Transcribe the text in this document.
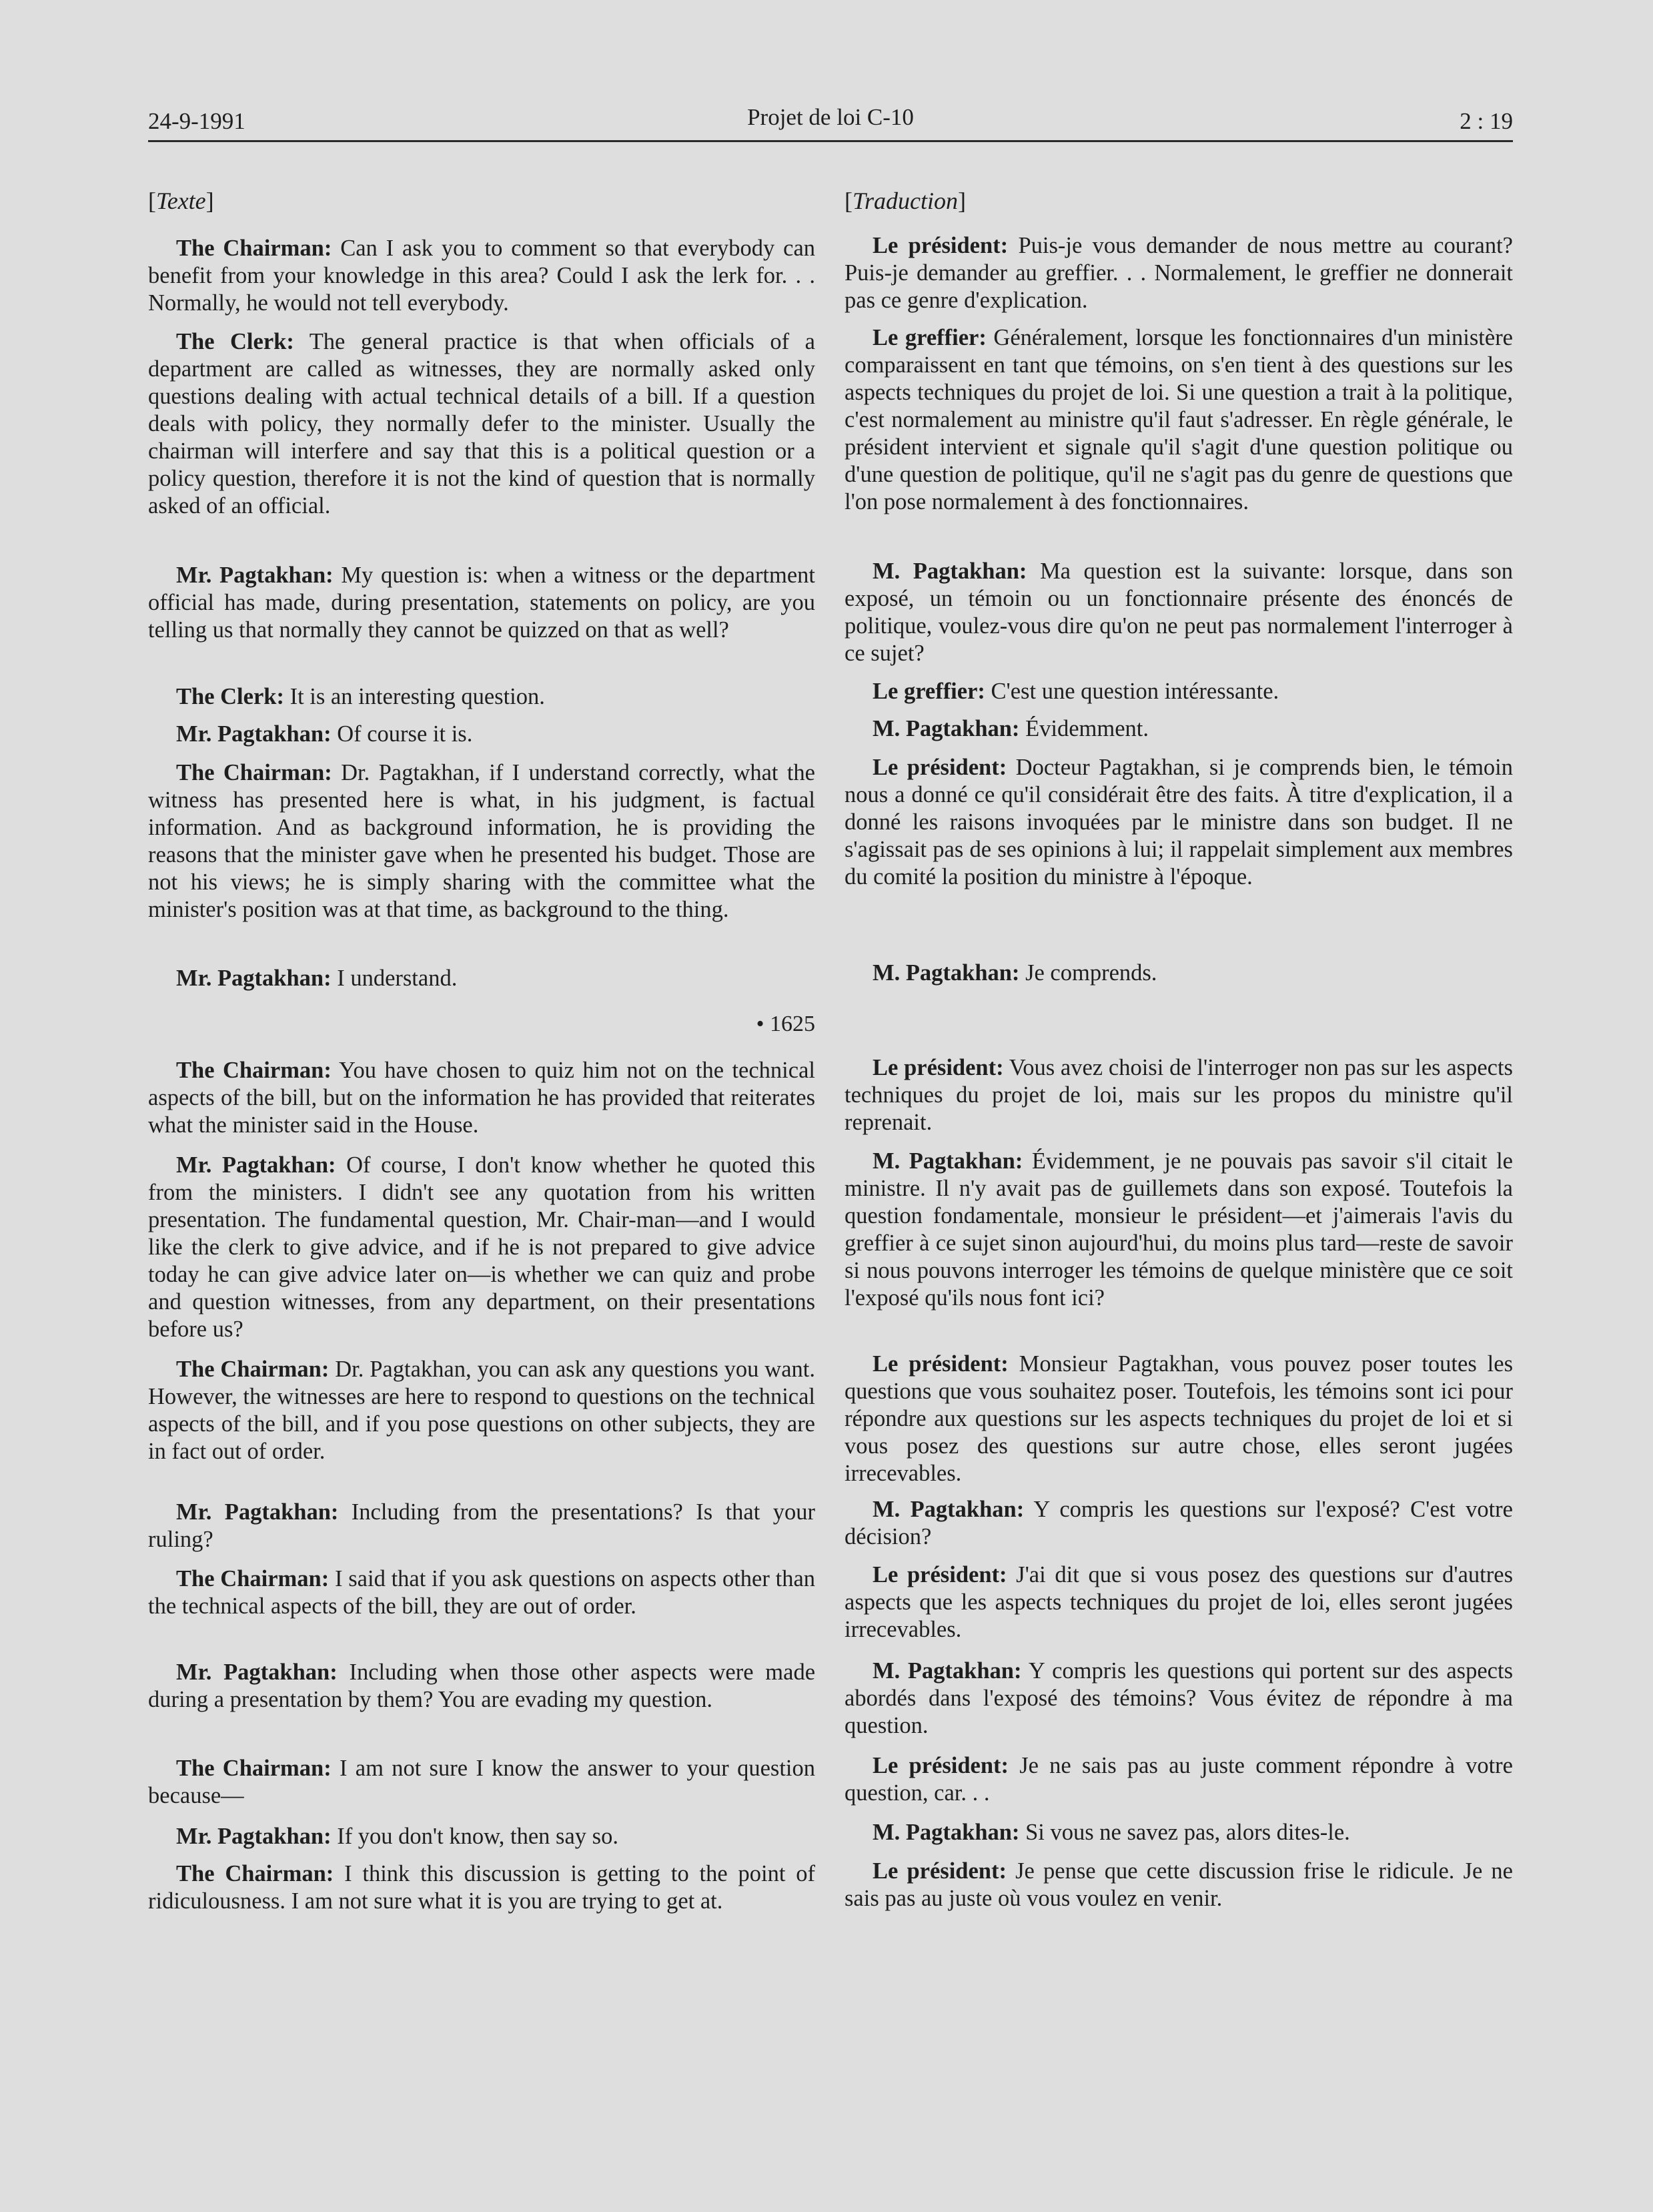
24-9-1991	Projet de loi C-10	2 : 19
[Texte]

The Chairman: Can I ask you to comment so that everybody can benefit from your knowledge in this area? Could I ask the lerk for. . . Normally, he would not tell everybody.

The Clerk: The general practice is that when officials of a department are called as witnesses, they are normally asked only questions dealing with actual technical details of a bill. If a question deals with policy, they normally defer to the minister. Usually the chairman will interfere and say that this is a political question or a policy question, therefore it is not the kind of question that is normally asked of an official.

Mr. Pagtakhan: My question is: when a witness or the department official has made, during presentation, statements on policy, are you telling us that normally they cannot be quizzed on that as well?

The Clerk: It is an interesting question.

Mr. Pagtakhan: Of course it is.

The Chairman: Dr. Pagtakhan, if I understand correctly, what the witness has presented here is what, in his judgment, is factual information. And as background information, he is providing the reasons that the minister gave when he presented his budget. Those are not his views; he is simply sharing with the committee what the minister's position was at that time, as background to the thing.

Mr. Pagtakhan: I understand.

• 1625

The Chairman: You have chosen to quiz him not on the technical aspects of the bill, but on the information he has provided that reiterates what the minister said in the House.

Mr. Pagtakhan: Of course, I don't know whether he quoted this from the ministers. I didn't see any quotation from his written presentation. The fundamental question, Mr. Chair-man—and I would like the clerk to give advice, and if he is not prepared to give advice today he can give advice later on—is whether we can quiz and probe and question witnesses, from any department, on their presentations before us?

The Chairman: Dr. Pagtakhan, you can ask any questions you want. However, the witnesses are here to respond to questions on the technical aspects of the bill, and if you pose questions on other subjects, they are in fact out of order.

Mr. Pagtakhan: Including from the presentations? Is that your ruling?

The Chairman: I said that if you ask questions on aspects other than the technical aspects of the bill, they are out of order.

Mr. Pagtakhan: Including when those other aspects were made during a presentation by them? You are evading my question.

The Chairman: I am not sure I know the answer to your question because—

Mr. Pagtakhan: If you don't know, then say so.

The Chairman: I think this discussion is getting to the point of ridiculousness. I am not sure what it is you are trying to get at.

[Traduction]

Le président: Puis-je vous demander de nous mettre au courant? Puis-je demander au greffier. . . Normalement, le greffier ne donnerait pas ce genre d'explication.

Le greffier: Généralement, lorsque les fonctionnaires d'un ministère comparaissent en tant que témoins, on s'en tient à des questions sur les aspects techniques du projet de loi. Si une question a trait à la politique, c'est normalement au ministre qu'il faut s'adresser. En règle générale, le président intervient et signale qu'il s'agit d'une question politique ou d'une question de politique, qu'il ne s'agit pas du genre de questions que l'on pose normalement à des fonctionnaires.

M. Pagtakhan: Ma question est la suivante: lorsque, dans son exposé, un témoin ou un fonctionnaire présente des énoncés de politique, voulez-vous dire qu'on ne peut pas normalement l'interroger à ce sujet?

Le greffier: C'est une question intéressante.

M. Pagtakhan: Évidemment.

Le président: Docteur Pagtakhan, si je comprends bien, le témoin nous a donné ce qu'il considérait être des faits. À titre d'explication, il a donné les raisons invoquées par le ministre dans son budget. Il ne s'agissait pas de ses opinions à lui; il rappelait simplement aux membres du comité la position du ministre à l'époque.

M. Pagtakhan: Je comprends.

Le président: Vous avez choisi de l'interroger non pas sur les aspects techniques du projet de loi, mais sur les propos du ministre qu'il reprenait.

M. Pagtakhan: Évidemment, je ne pouvais pas savoir s'il citait le ministre. Il n'y avait pas de guillemets dans son exposé. Toutefois la question fondamentale, monsieur le président—et j'aimerais l'avis du greffier à ce sujet sinon aujourd'hui, du moins plus tard—reste de savoir si nous pouvons interroger les témoins de quelque ministère que ce soit l'exposé qu'ils nous font ici?

Le président: Monsieur Pagtakhan, vous pouvez poser toutes les questions que vous souhaitez poser. Toutefois, les témoins sont ici pour répondre aux questions sur les aspects techniques du projet de loi et si vous posez des questions sur autre chose, elles seront jugées irrecevables.

M. Pagtakhan: Y compris les questions sur l'exposé? C'est votre décision?

Le président: J'ai dit que si vous posez des questions sur d'autres aspects que les aspects techniques du projet de loi, elles seront jugées irrecevables.

M. Pagtakhan: Y compris les questions qui portent sur des aspects abordés dans l'exposé des témoins? Vous évitez de répondre à ma question.

Le président: Je ne sais pas au juste comment répondre à votre question, car. . .

M. Pagtakhan: Si vous ne savez pas, alors dites-le.

Le président: Je pense que cette discussion frise le ridicule. Je ne sais pas au juste où vous voulez en venir.
